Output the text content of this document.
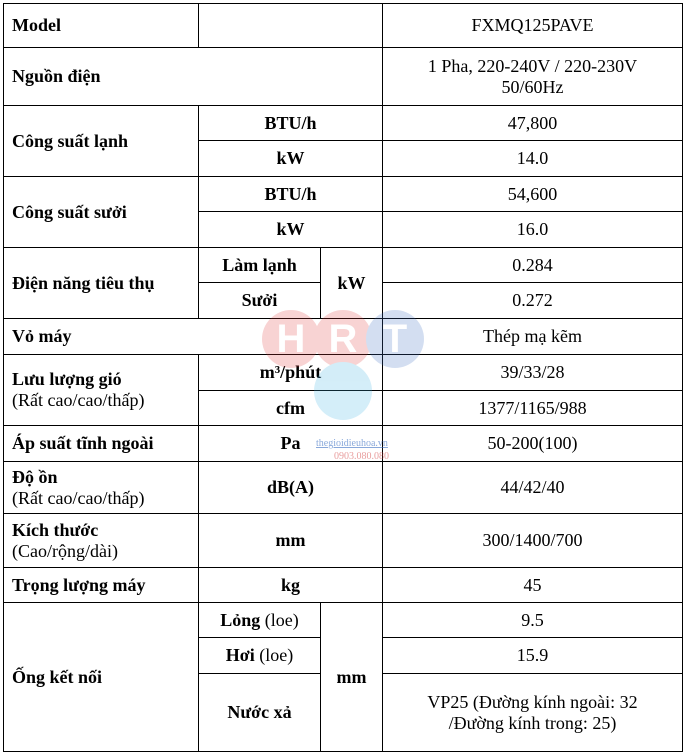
Model			FXMQ125PAVE
Nguồn điện			1 Pha, 220-240V / 220-230V
50/60Hz

Công suất lạnh	BTU/h		47,800
	kW		14.0
Công suất sưởi	BTU/h		54,600
	kW		16.0
Điện năng tiêu thụ	Làm lạnh	kW	0.284
	Sưởi		0.272
Vỏ máy			Thép mạ kẽm

Lưu lượng gió
(Rất cao/cao/thấp)	m³/phút		39/33/28
	cfm		1377/1165/988
Áp suất tĩnh ngoài	Pa		50-200(100)

Độ ồn
(Rất cao/cao/thấp)	dB(A)		44/42/40

Kích thước
(Cao/rộng/dài)	mm		300/1400/700
Trọng lượng máy	kg		45
Ống kết nối	Lỏng (loe)	mm	9.5
	Hơi (loe)		15.9
	Nước xả		VP25 (Đường kính ngoài: 32
/Đường kính trong: 25)
H R T
thegioidieuhoa.vn
0903.080.080
